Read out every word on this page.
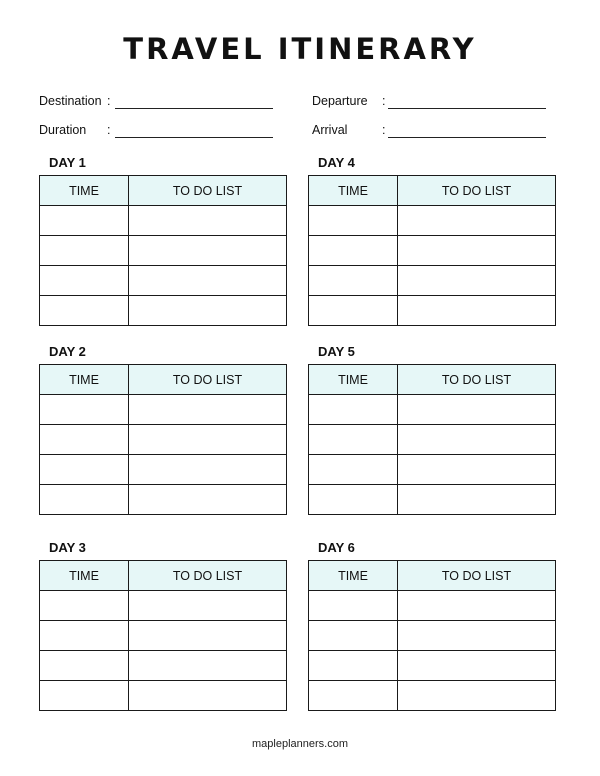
TRAVEL ITINERARY
Destination :
Duration :
Departure :
Arrival	:
DAY 1
DAY 2
DAY 3
DAY 4
DAY 5
DAY 6
TIME	TO DO LIST

TIME	TO DO LIST

TIME	TO DO LIST

TIME	TO DO LIST

TIME	TO DO LIST

TIME	TO DO LIST

mapleplanners.com
